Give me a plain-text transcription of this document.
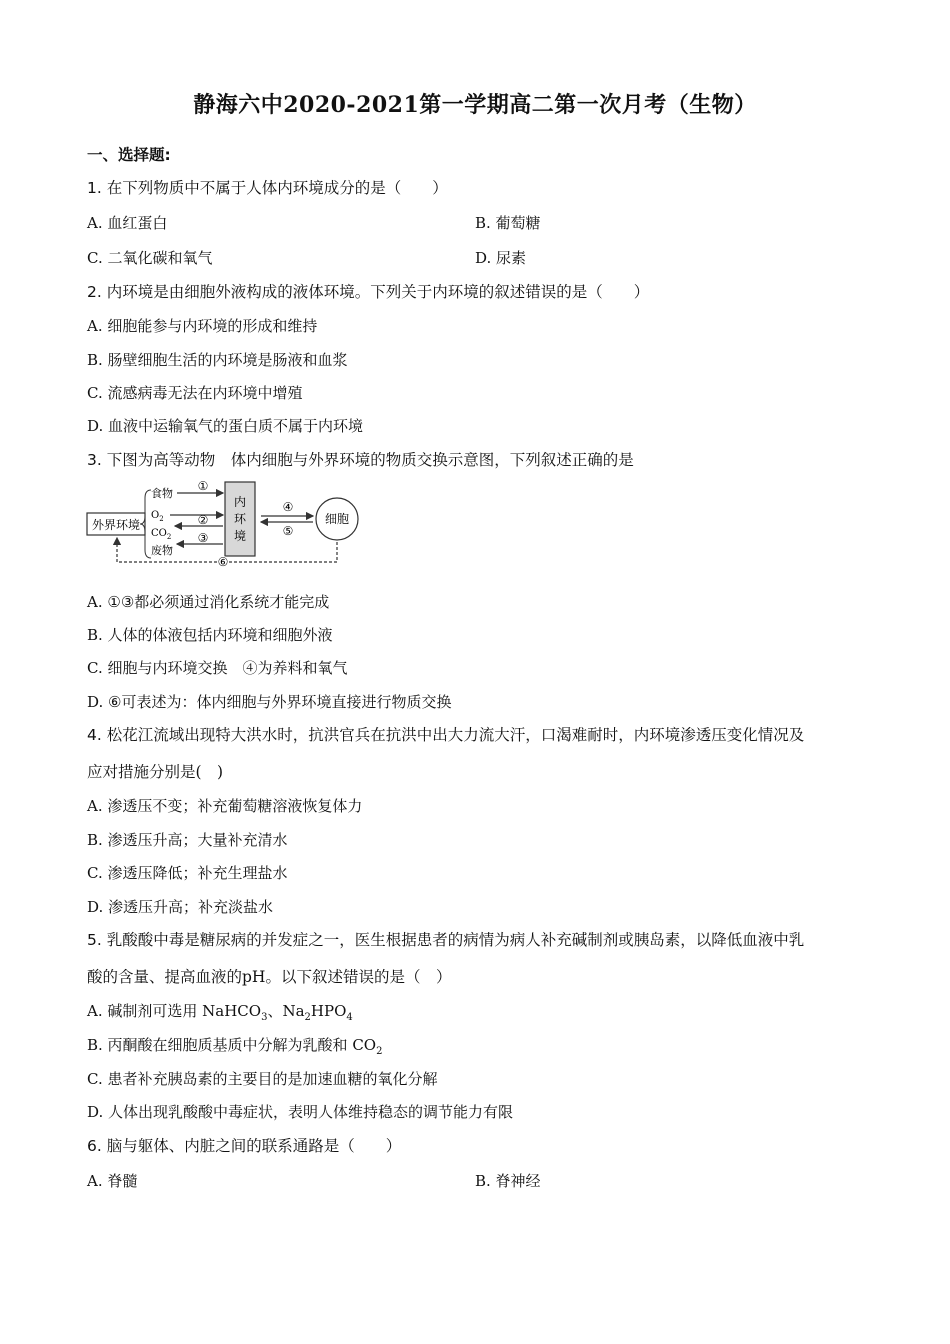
静海六中2020-2021第一学期高二第一次月考（生物）
一、选择题:
1. 在下列物质中不属于人体内环境成分的是（　　）
A. 血红蛋白	B. 葡萄糖
C. 二氧化碳和氧气	D. 尿素
2. 内环境是由细胞外液构成的液体环境。下列关于内环境的叙述错误的是（　　）
A. 细胞能参与内环境的形成和维持
B. 肠壁细胞生活的内环境是肠液和血浆
C. 流感病毒无法在内环境中增殖
D. 血液中运输氧气的蛋白质不属于内环境
3. 下图为高等动物　体内细胞与外界环境的物质交换示意图，下列叙述正确的是
外界环境
食物
$O_2$
$CO_2$
废物
①
②
③
内
环
境
④
⑤
细胞
⑥
A. ①③都必须通过消化系统才能完成
B. 人体的体液包括内环境和细胞外液
C. 细胞与内环境交换　④为养料和氧气
D. ⑥可表述为：体内细胞与外界环境直接进行物质交换
4. 松花江流域出现特大洪水时，抗洪官兵在抗洪中出大力流大汗，口渴难耐时，内环境渗透压变化情况及
应对措施分别是(　)
A. 渗透压不变；补充葡萄糖溶液恢复体力
B. 渗透压升高；大量补充清水
C. 渗透压降低；补充生理盐水
D. 渗透压升高；补充淡盐水
5. 乳酸酸中毒是糖尿病的并发症之一，医生根据患者的病情为病人补充碱制剂或胰岛素，以降低血液中乳
酸的含量、提高血液的pH。以下叙述错误的是（　）
A. 碱制剂可选用 NaHCO$_3$、$Na_2HPO_4$
B. 丙酮酸在细胞质基质中分解为乳酸和 $CO_2$
C. 患者补充胰岛素的主要目的是加速血糖的氧化分解
D. 人体出现乳酸酸中毒症状，表明人体维持稳态的调节能力有限
6. 脑与躯体、内脏之间的联系通路是（　　）
A. 脊髓	B. 脊神经
